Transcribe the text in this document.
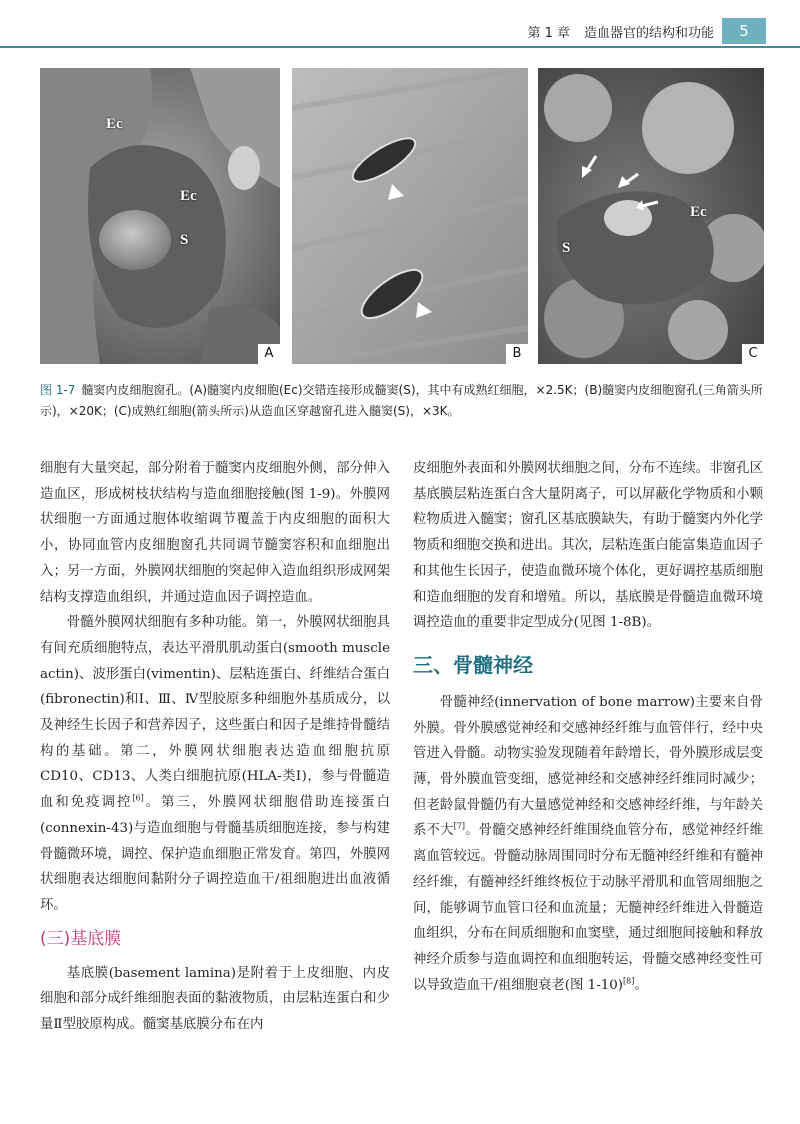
第 1 章 造血器官的结构和功能	5
Ec
Ec
S
A	B
Ec
S
C
图 1-7 髓窦内皮细胞窗孔。(A)髓窦内皮细胞(Ec)交错连接形成髓窦(S)，其中有成熟红细胞，×2.5K；(B)髓窦内皮细胞窗孔(三角箭头所示)，×20K；(C)成熟红细胞(箭头所示)从造血区穿越窗孔进入髓窦(S)，×3K。

细胞有大量突起，部分附着于髓窦内皮细胞外侧，部分伸入造血区，形成树枝状结构与造血细胞接触(图 1-9)。外膜网状细胞一方面通过胞体收缩调节覆盖于内皮细胞的面积大小，协同血管内皮细胞窗孔共同调节髓窦容积和血细胞出入；另一方面，外膜网状细胞的突起伸入造血组织形成网架结构支撑造血组织，并通过造血因子调控造血。

骨髓外膜网状细胞有多种功能。第一，外膜网状细胞具有间充质细胞特点，表达平滑肌肌动蛋白(smooth muscle actin)、波形蛋白(vimentin)、层粘连蛋白、纤维结合蛋白(fibronectin)和Ⅰ、Ⅲ、Ⅳ型胶原多种细胞外基质成分，以及神经生长因子和营养因子，这些蛋白和因子是维持骨髓结构的基础。第二，外膜网状细胞表达造血细胞抗原 CD10、CD13、人类白细胞抗原(HLA-类Ⅰ)，参与骨髓造血和免疫调控[6]。第三，外膜网状细胞借助连接蛋白(connexin-43)与造血细胞与骨髓基质细胞连接，参与构建骨髓微环境，调控、保护造血细胞正常发育。第四，外膜网状细胞表达细胞间黏附分子调控造血干/祖细胞进出血液循环。

(三)基底膜

基底膜(basement lamina)是附着于上皮细胞、内皮细胞和部分成纤维细胞表面的黏液物质，由层粘连蛋白和少量Ⅱ型胶原构成。髓窦基底膜分布在内

皮细胞外表面和外膜网状细胞之间，分布不连续。非窗孔区基底膜层粘连蛋白含大量阴离子，可以屏蔽化学物质和小颗粒物质进入髓窦；窗孔区基底膜缺失，有助于髓窦内外化学物质和细胞交换和进出。其次，层粘连蛋白能富集造血因子和其他生长因子，使造血微环境个体化，更好调控基质细胞和造血细胞的发育和增殖。所以，基底膜是骨髓造血微环境调控造血的重要非定型成分(见图 1-8B)。

三、骨髓神经

骨髓神经(innervation of bone marrow)主要来自骨外膜。骨外膜感觉神经和交感神经纤维与血管伴行，经中央管进入骨髓。动物实验发现随着年龄增长，骨外膜形成层变薄，骨外膜血管变细，感觉神经和交感神经纤维同时减少；但老龄鼠骨髓仍有大量感觉神经和交感神经纤维，与年龄关系不大[7]。骨髓交感神经纤维围绕血管分布，感觉神经纤维离血管较远。骨髓动脉周围同时分布无髓神经纤维和有髓神经纤维，有髓神经纤维终板位于动脉平滑肌和血管周细胞之间，能够调节血管口径和血流量；无髓神经纤维进入骨髓造血组织，分布在间质细胞和血窦壁，通过细胞间接触和释放神经介质参与造血调控和血细胞转运，骨髓交感神经变性可以导致造血干/祖细胞衰老(图 1-10)[8]。
